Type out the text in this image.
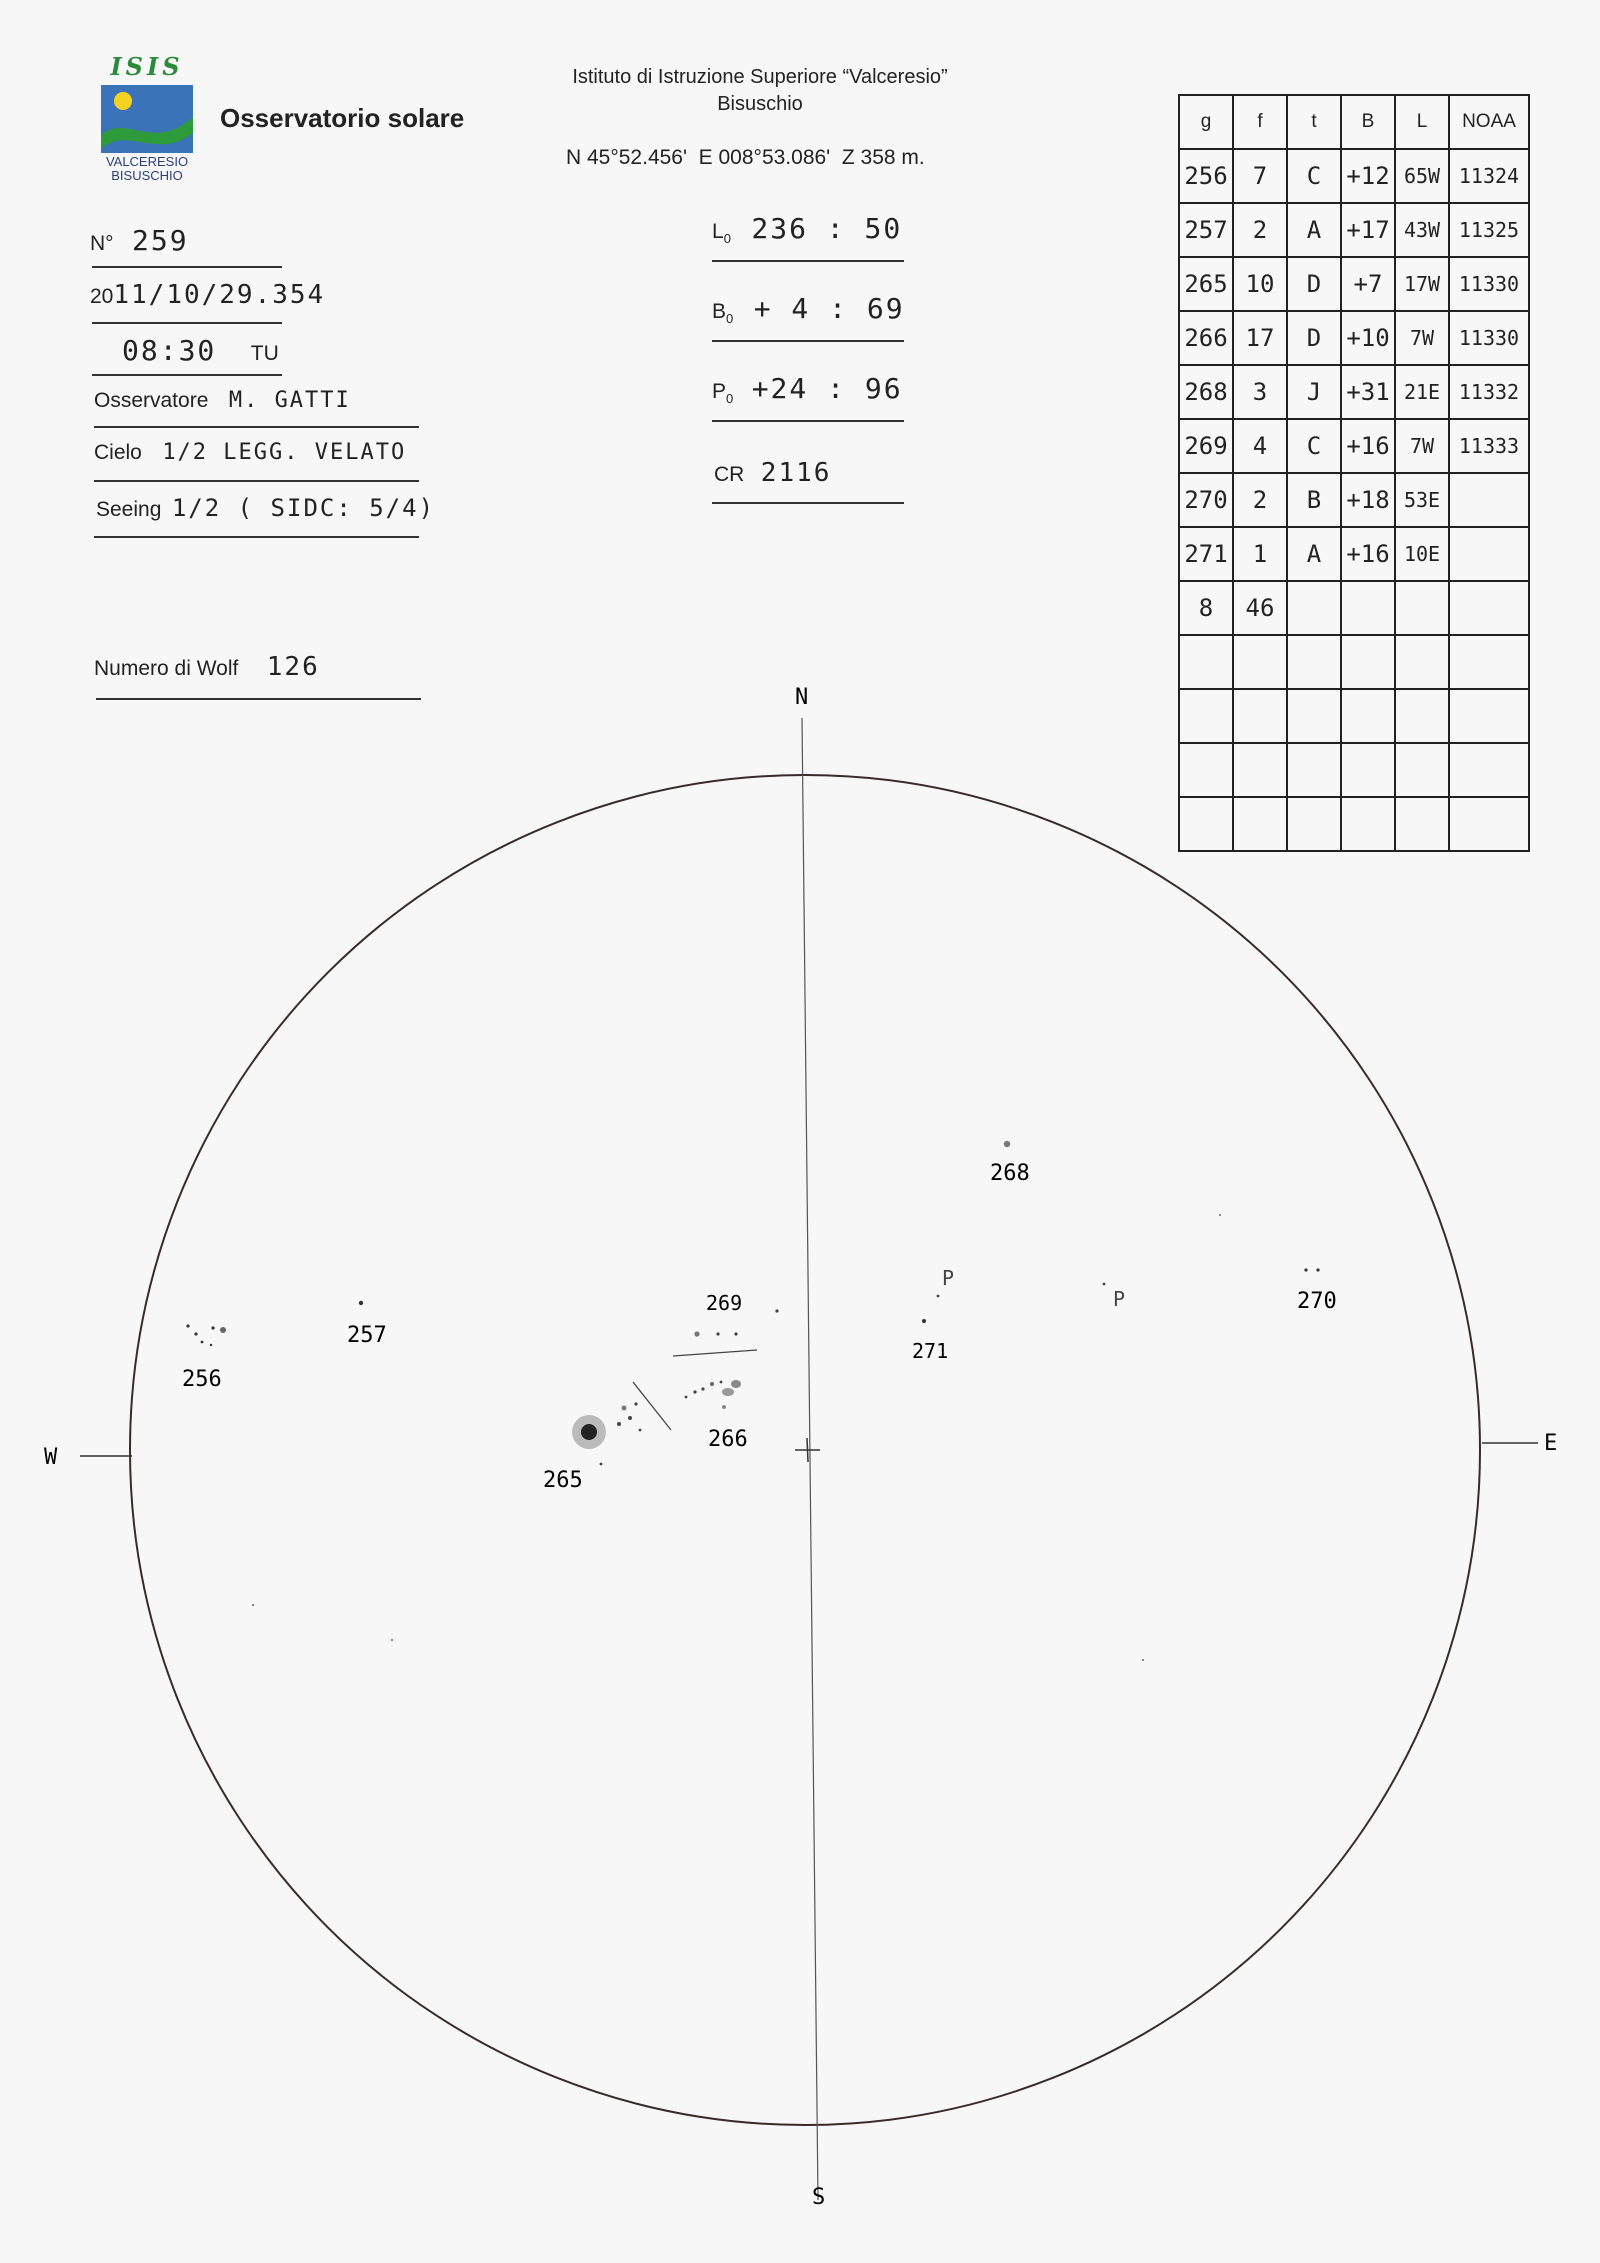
ISIS
VALCERESIO
BISUSCHIO
Osservatorio solare
Istituto di Istruzione Superiore “Valceresio”
Bisuschio
N 45°52.456'  E 008°53.086'  Z 358 m.
N° 259
2011/10/29.354
08:30 TU
Osservatore M. GATTI
Cielo 1/2 LEGG. VELATO
Seeing 1/2 ( SIDC: 5/4)
Numero di Wolf 126
$L_0$ 236 : 50
$B_0 + 4$ : 69
$P_0 +24$ : 96
CR 2116
g	f	t	B	L	NOAA
256	7	C	+12	65W	11324
257	2	A	+17	43W	11325
265	10	D	+7	17W	11330
266	17	D	+10	7W	11330
268	3	J	+31	21E	11332
269	4	C	+16	7W	11333
270	2	B	+18	53E	
271	1	A	+16	10E	
8	46				

N
S
W
E
256
257
265
266
269
268
P
271
P	270
